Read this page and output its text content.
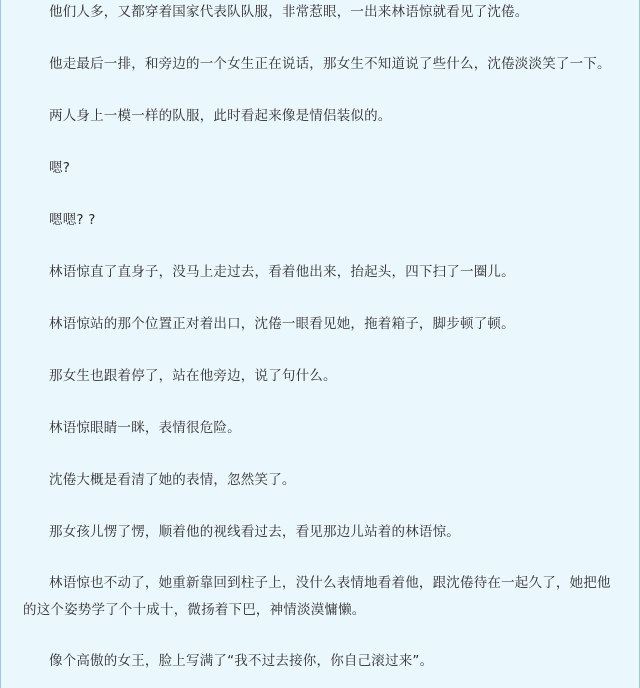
他们人多，又都穿着国家代表队队服，非常惹眼，一出来林语惊就看见了沈倦。

他走最后一排，和旁边的一个女生正在说话，那女生不知道说了些什么，沈倦淡淡笑了一下。

两人身上一模一样的队服，此时看起来像是情侣装似的。

嗯?

嗯嗯? ?

林语惊直了直身子，没马上走过去，看着他出来，抬起头，四下扫了一圈儿。

林语惊站的那个位置正对着出口，沈倦一眼看见她，拖着箱子，脚步顿了顿。

那女生也跟着停了，站在他旁边，说了句什么。

林语惊眼睛一眯，表情很危险。

沈倦大概是看清了她的表情，忽然笑了。

那女孩儿愣了愣，顺着他的视线看过去，看见那边儿站着的林语惊。

林语惊也不动了，她重新靠回到柱子上，没什么表情地看着他，跟沈倦待在一起久了，她把他的这个姿势学了个十成十，微扬着下巴，神情淡漠慵懒。

像个高傲的女王，脸上写满了“我不过去接你，你自己滚过来”。
